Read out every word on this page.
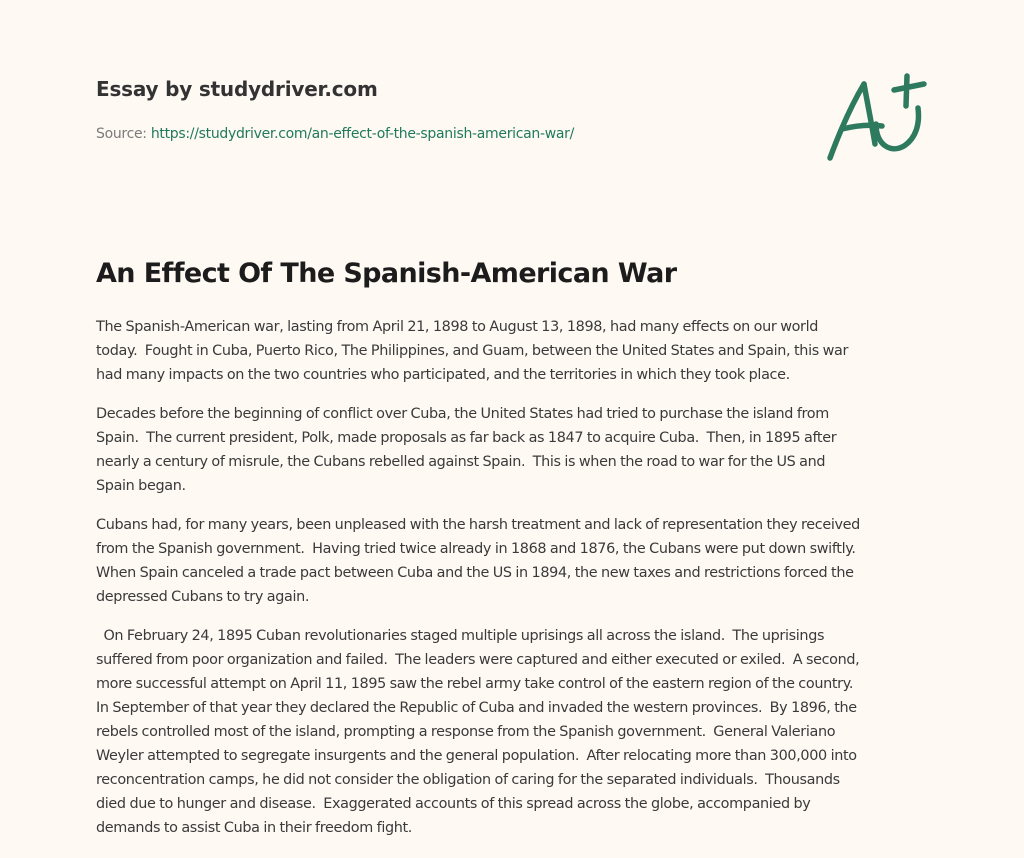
Essay by studydriver.com
Source: https://studydriver.com/an-effect-of-the-spanish-american-war/
An Effect Of The Spanish-American War

The Spanish-American war, lasting from April 21, 1898 to August 13, 1898, had many effects on our world
today.  Fought in Cuba, Puerto Rico, The Philippines, and Guam, between the United States and Spain, this war
had many impacts on the two countries who participated, and the territories in which they took place.

Decades before the beginning of conflict over Cuba, the United States had tried to purchase the island from
Spain.  The current president, Polk, made proposals as far back as 1847 to acquire Cuba.  Then, in 1895 after
nearly a century of misrule, the Cubans rebelled against Spain.  This is when the road to war for the US and
Spain began.

Cubans had, for many years, been unpleased with the harsh treatment and lack of representation they received
from the Spanish government.  Having tried twice already in 1868 and 1876, the Cubans were put down swiftly.
When Spain canceled a trade pact between Cuba and the US in 1894, the new taxes and restrictions forced the
depressed Cubans to try again.

On February 24, 1895 Cuban revolutionaries staged multiple uprisings all across the island.  The uprisings
suffered from poor organization and failed.  The leaders were captured and either executed or exiled.  A second,
more successful attempt on April 11, 1895 saw the rebel army take control of the eastern region of the country.
In September of that year they declared the Republic of Cuba and invaded the western provinces.  By 1896, the
rebels controlled most of the island, prompting a response from the Spanish government.  General Valeriano
Weyler attempted to segregate insurgents and the general population.  After relocating more than 300,000 into
reconcentration camps, he did not consider the obligation of caring for the separated individuals.  Thousands
died due to hunger and disease.  Exaggerated accounts of this spread across the globe, accompanied by
demands to assist Cuba in their freedom fight.
